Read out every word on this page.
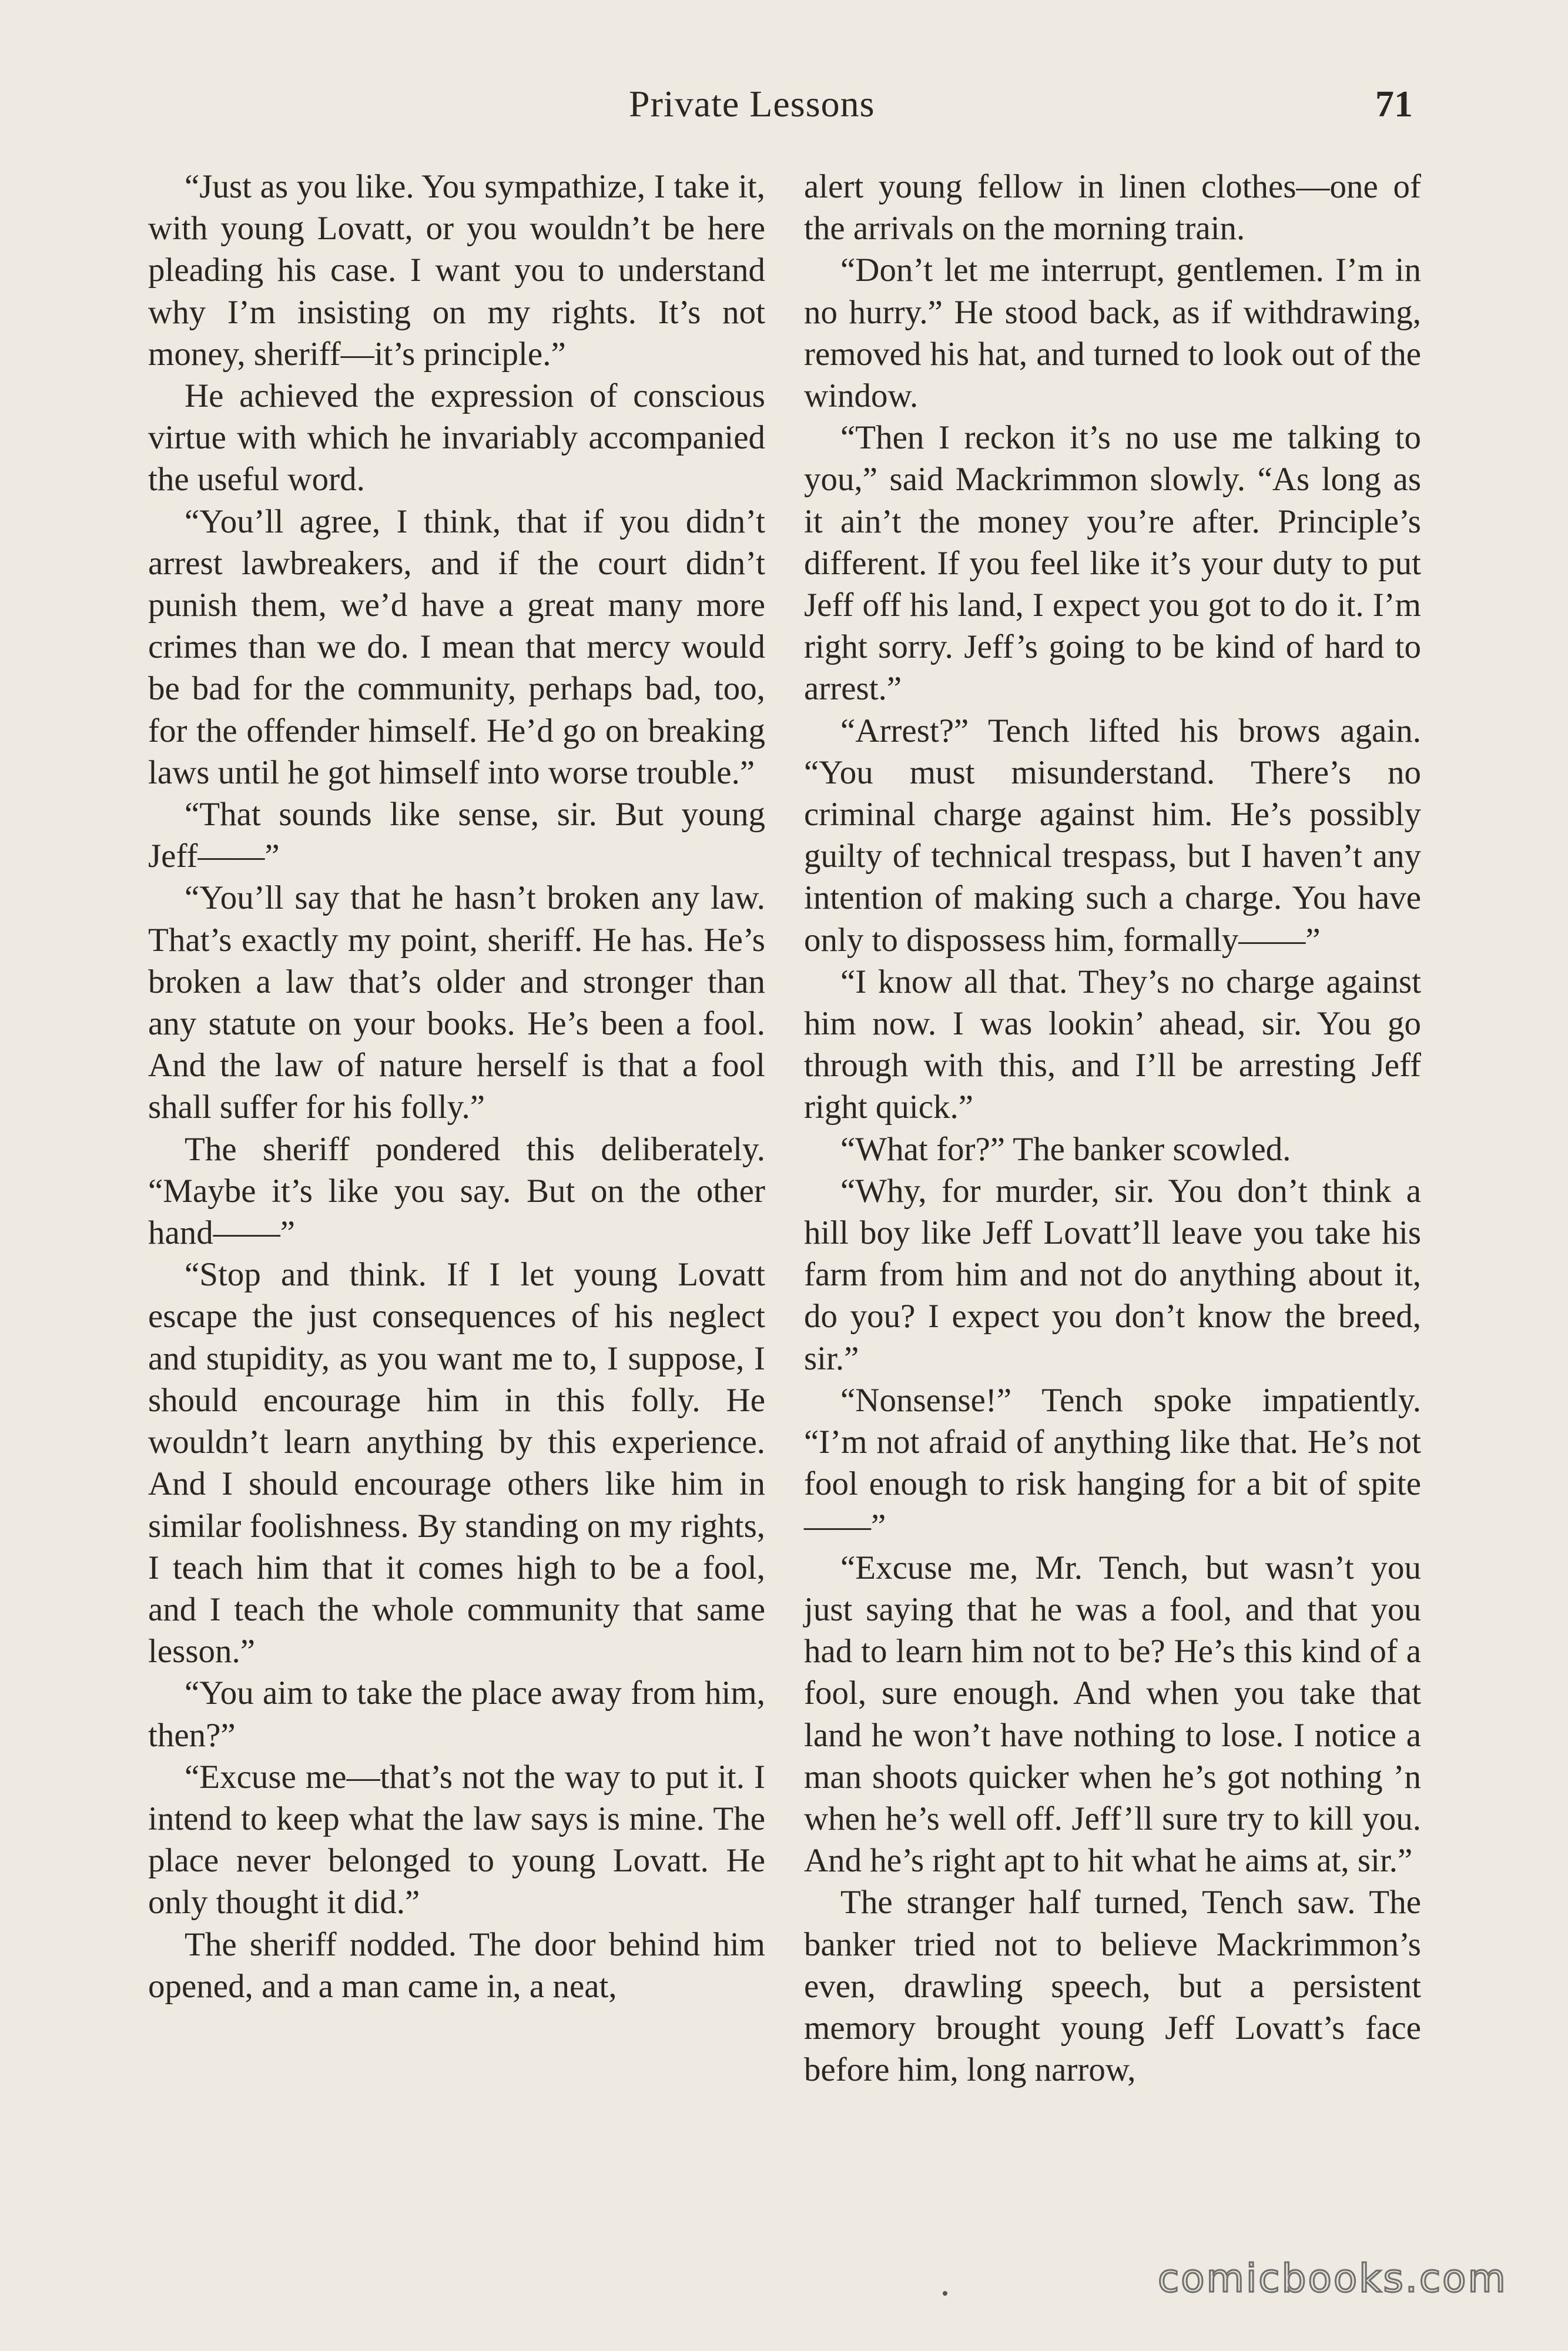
Private Lessons	71

“Just as you like. You sympathize, I take it, with young Lovatt, or you wouldn’t be here pleading his case. I want you to understand why I’m insisting on my rights. It’s not money, sheriff—it’s principle.”

He achieved the expression of conscious virtue with which he invariably accompanied the useful word.

“You’ll agree, I think, that if you didn’t arrest lawbreakers, and if the court didn’t punish them, we’d have a great many more crimes than we do. I mean that mercy would be bad for the community, perhaps bad, too, for the offender himself. He’d go on breaking laws until he got himself into worse trouble.”

“That sounds like sense, sir. But young Jeff——”

“You’ll say that he hasn’t broken any law. That’s exactly my point, sheriff. He has. He’s broken a law that’s older and stronger than any statute on your books. He’s been a fool. And the law of nature herself is that a fool shall suffer for his folly.”

The sheriff pondered this deliberately. “Maybe it’s like you say. But on the other hand——”

“Stop and think. If I let young Lovatt escape the just consequences of his neglect and stupidity, as you want me to, I suppose, I should encourage him in this folly. He wouldn’t learn anything by this experience. And I should encourage others like him in similar foolishness. By standing on my rights, I teach him that it comes high to be a fool, and I teach the whole community that same lesson.”

“You aim to take the place away from him, then?”

“Excuse me—that’s not the way to put it. I intend to keep what the law says is mine. The place never belonged to young Lovatt. He only thought it did.”

The sheriff nodded. The door behind him opened, and a man came in, a neat,

alert young fellow in linen clothes—one of the arrivals on the morning train.

“Don’t let me interrupt, gentlemen. I’m in no hurry.” He stood back, as if withdrawing, removed his hat, and turned to look out of the window.

“Then I reckon it’s no use me talking to you,” said Mackrimmon slowly. “As long as it ain’t the money you’re after. Principle’s different. If you feel like it’s your duty to put Jeff off his land, I expect you got to do it. I’m right sorry. Jeff’s going to be kind of hard to arrest.”

“Arrest?” Tench lifted his brows again. “You must misunderstand. There’s no criminal charge against him. He’s possibly guilty of technical trespass, but I haven’t any intention of making such a charge. You have only to dispossess him, formally——”

“I know all that. They’s no charge against him now. I was lookin’ ahead, sir. You go through with this, and I’ll be arresting Jeff right quick.”

“What for?” The banker scowled.

“Why, for murder, sir. You don’t think a hill boy like Jeff Lovatt’ll leave you take his farm from him and not do anything about it, do you? I expect you don’t know the breed, sir.”

“Nonsense!” Tench spoke impatiently. “I’m not afraid of anything like that. He’s not fool enough to risk hanging for a bit of spite——”

“Excuse me, Mr. Tench, but wasn’t you just saying that he was a fool, and that you had to learn him not to be? He’s this kind of a fool, sure enough. And when you take that land he won’t have nothing to lose. I notice a man shoots quicker when he’s got nothing ’n when he’s well off. Jeff’ll sure try to kill you. And he’s right apt to hit what he aims at, sir.”

The stranger half turned, Tench saw. The banker tried not to believe Mackrimmon’s even, drawling speech, but a persistent memory brought young Jeff Lovatt’s face before him, long narrow,

comicbooks.com
